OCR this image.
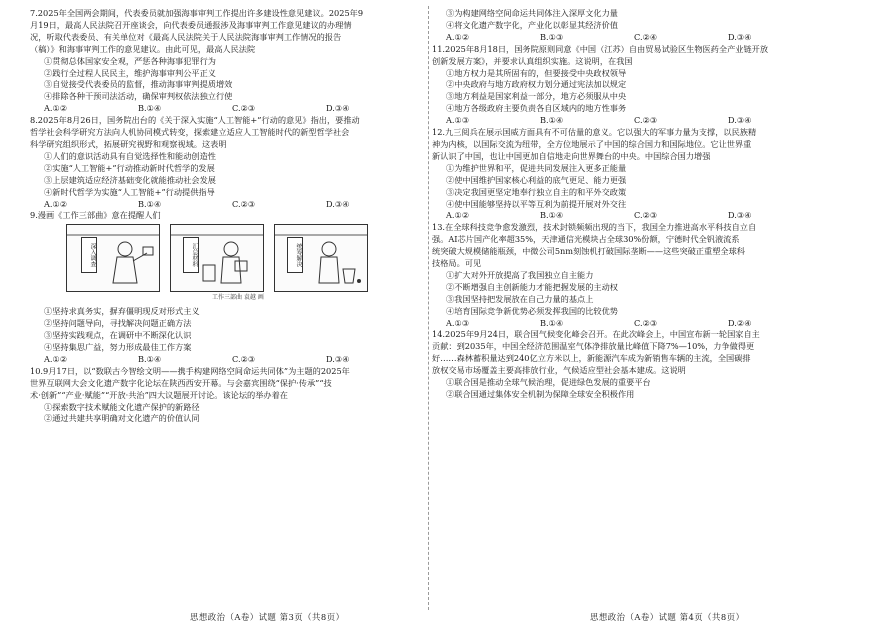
7.2025年全国两会期间，代表委员就加强海事审判工作提出许多建设性意见建议。2025年9

月19日，最高人民法院召开座谈会，向代表委员通报涉及海事审判工作意见建议的办理情

况，听取代表委员、有关单位对《最高人民法院关于人民法院海事审判工作情况的报告

（稿）》和海事审判工作的意见建议。由此可见，最高人民法院

①贯彻总体国家安全观，严惩各种海事犯罪行为

②践行全过程人民民主，维护海事审判公平正义

③自觉接受代表委员的监督，推动海事审判提质增效

④排除各种干预司法活动，确保审判权依法独立行使

A.①②	B.①④	C.②③	D.③④

8.2025年8月26日，国务院出台的《关于深入实施“人工智能+”行动的意见》指出，要推动

哲学社会科学研究方法向人机协同模式转变，探索建立适应人工智能时代的新型哲学社会

科学研究组织形式，拓展研究视野和观察视域。这表明

①人们的意识活动具有自觉选择性和能动创造性

②实施“人工智能+”行动推动新时代哲学的发展

③上层建筑适应经济基础变化就能推动社会发展

④新时代哲学为实施“人工智能+”行动提供指导

A.①②	B.①④	C.②③	D.③④

9.漫画《工作三部曲》意在提醒人们

深入调查	汇总材料	统筹解决
工作三部曲 袁越 画

①坚持求真务实，摒弃僵明现反对形式主义

②坚持问题导向，寻找解决问题正确方法

③坚持实践观点，在调研中不断深化认识

④坚持集思广益，努力形成最佳工作方案

A.①②	B.①④	C.②③	D.③④

10.9月17日，以“数联古今智绘文明——携手构建网络空间命运共同体”为主题的2025年

世界互联网大会文化遗产数字化论坛在陕西西安开幕。与会嘉宾围绕“保护·传承”“技

术·创新”“产业·赋能”“开放·共治”四大议题展开讨论。该论坛的举办着在

①探索数字技术赋能文化遗产保护的新路径

②通过共建共享明确对文化遗产的价值认同

③为构建网络空间命运共同体注入深厚文化力量

④将文化遗产数字化，产业化以彰显其经济价值

A.①②	B.①③	C.②④	D.③④

11.2025年8月18日，国务院原则同意《中国（江苏）自由贸易试验区生物医药全产业链开放

创新发展方案》，并要求认真组织实施。这说明，在我国

①地方权力是其所固有的，但要接受中央政权领导

②中央政府与地方政府权力划分通过宪法加以规定

③地方利益是国家利益一部分，地方必须服从中央

④地方各级政府主要负责各自区域内的地方性事务

A.①③	B.①④	C.②③	D.③④

12.九三阅兵在展示国威方面具有不可估量的意义。它以强大的军事力量为支撑，以民族精

神为内核，以国际交流为纽带，全方位地展示了中国的综合国力和国际地位。它让世界重

新认识了中国，也让中国更加自信地走向世界舞台的中央。中国综合国力增强

①为维护世界和平，促进共同发展注入更多正能量

②使中国维护国家核心利益的底气更足、能力更强

③决定我国更坚定地奉行独立自主的和平外交政策

④使中国能够坚持以平等互利为前提开展对外交往

A.①②	B.①④	C.②③	D.③④

13.在全球科技竞争愈发激烈，技术封锁频频出现的当下，我国全力推进高水平科技自立自

强。AI芯片国产化率超35%，天津通信光模块占全球30%份额，宁德时代全钒液流系

统突破大规模储能瓶颈，中微公司5nm刻蚀机打破国际垄断——这些突破正重塑全球科

技格局。可见

①扩大对外开放提高了我国独立自主能力

②不断增强自主创新能力才能把握发展的主动权

③我国坚持把发展放在自己力量的基点上

④培育国际竞争新优势必须发挥我国的比较优势

A.①③	B.①④	C.②③	D.②④

14.2025年9月24日，联合国气候变化峰会召开。在此次峰会上，中国宣布新一轮国家自主

贡献：到2035年，中国全经济范围温室气体净排放量比峰值下降7%—10%，力争做得更

好……森林蓄积量达到240亿立方米以上，新能源汽车成为新销售车辆的主流，全国碳排

放权交易市场覆盖主要高排放行业，气候适应型社会基本建成。这说明

①联合国是推动全球气候治理，促进绿色发展的重要平台

②联合国通过集体安全机制为保障全球安全积极作用

思想政治（A卷）试题 第3页（共8页）	思想政治（A卷）试题 第4页（共8页）
